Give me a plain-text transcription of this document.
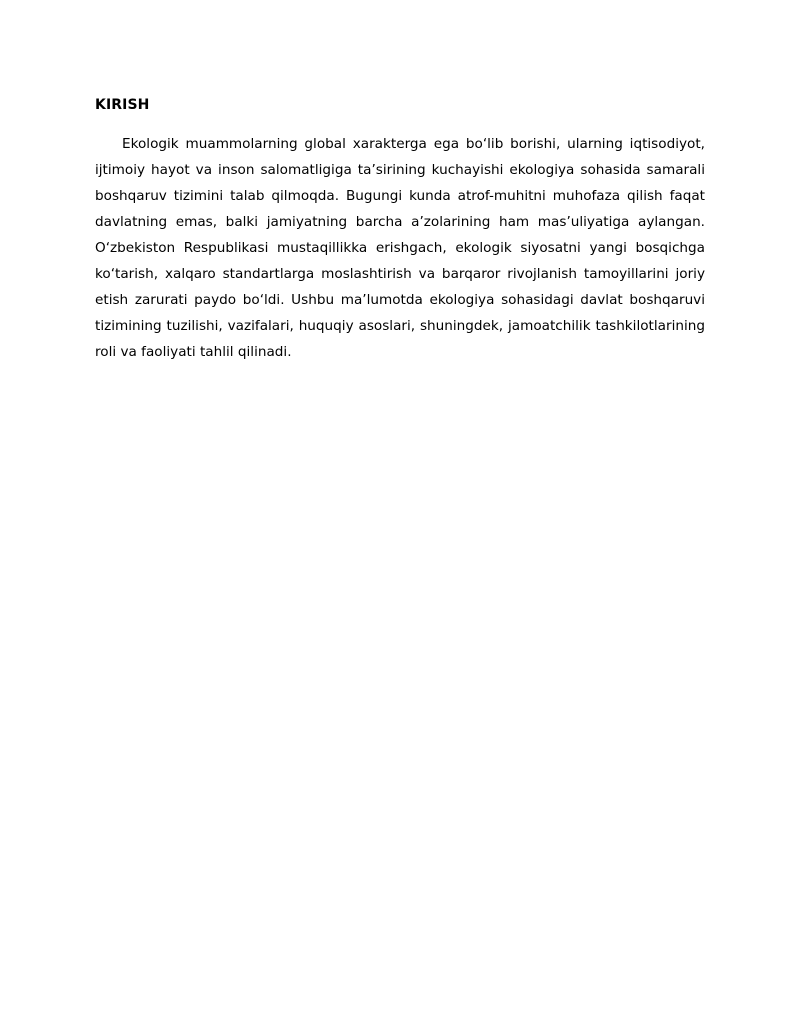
KIRISH

Ekologik muammolarning global xarakterga ega bo‘lib borishi, ularning iqtisodiyot, ijtimoiy hayot va inson salomatligiga ta’sirining kuchayishi ekologiya sohasida samarali boshqaruv tizimini talab qilmoqda. Bugungi kunda atrof-muhitni muhofaza qilish faqat davlatning emas, balki jamiyatning barcha a’zolarining ham mas’uliyatiga aylangan. O‘zbekiston Respublikasi mustaqillikka erishgach, ekologik siyosatni yangi bosqichga ko‘tarish, xalqaro standartlarga moslashtirish va barqaror rivojlanish tamoyillarini joriy etish zarurati paydo bo‘ldi. Ushbu ma’lumotda ekologiya sohasidagi davlat boshqaruvi tizimining tuzilishi, vazifalari, huquqiy asoslari, shuningdek, jamoatchilik tashkilotlarining roli va faoliyati tahlil qilinadi.
